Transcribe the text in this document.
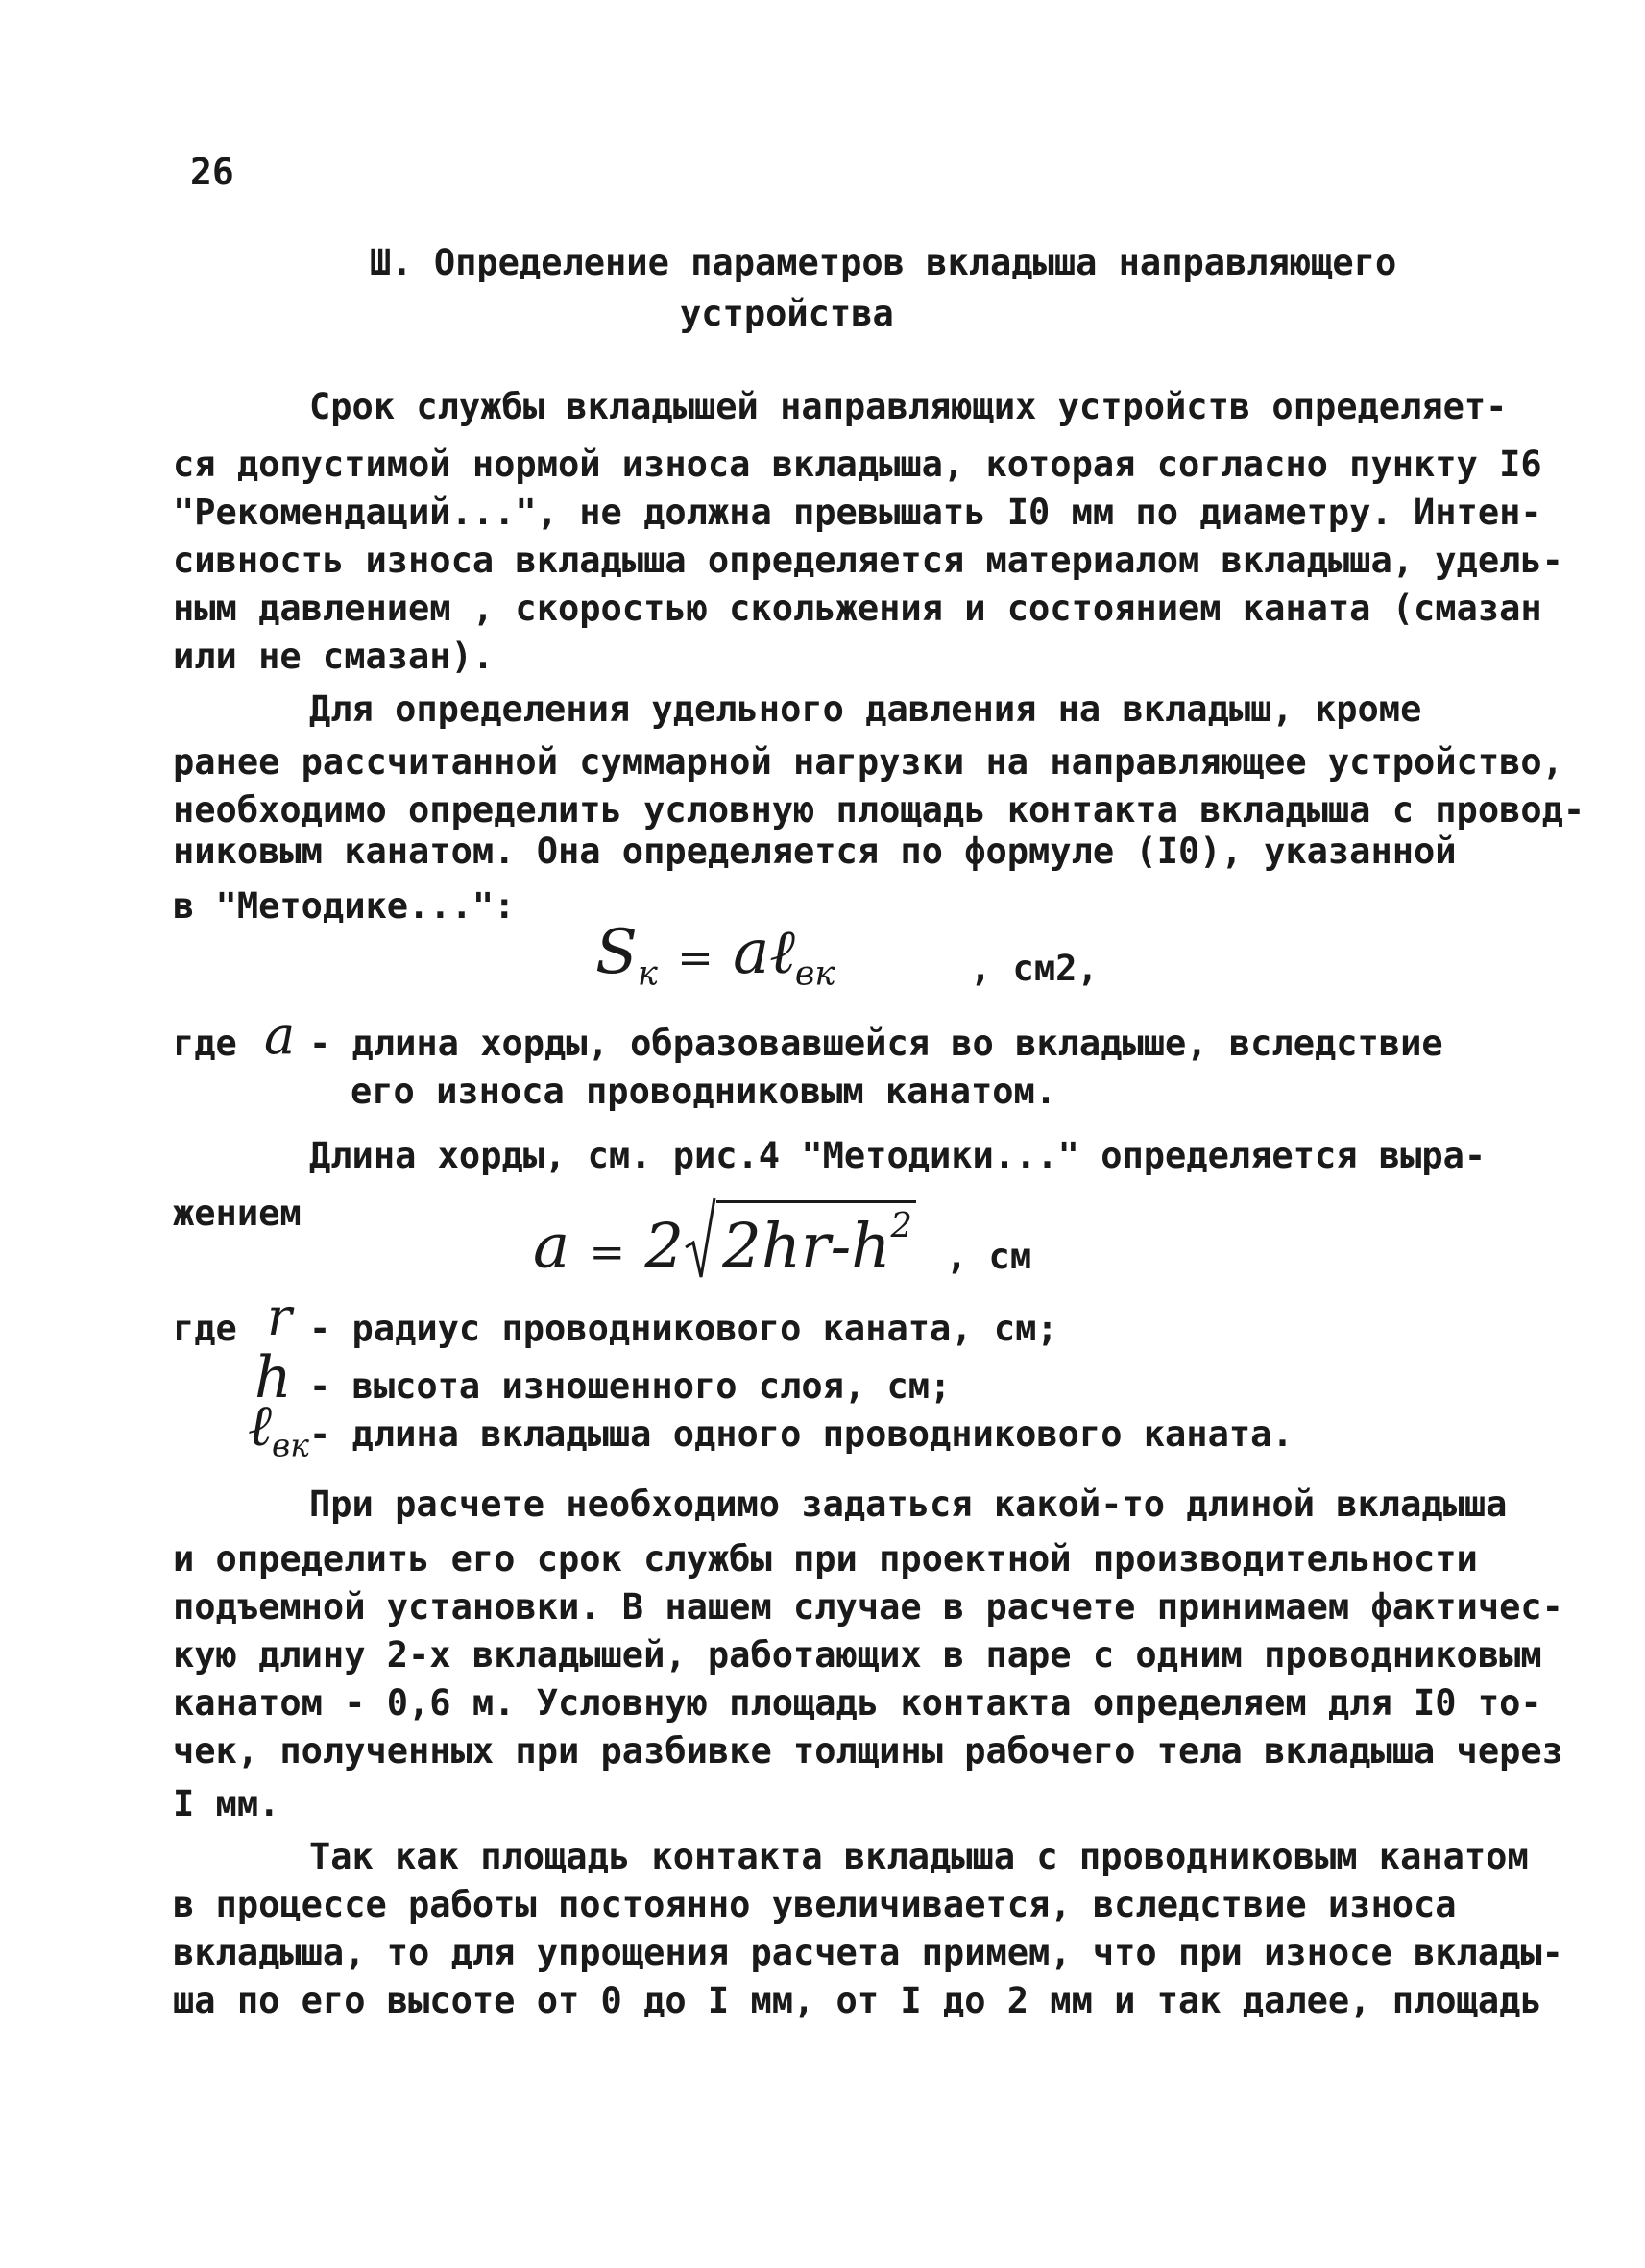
26
Ш. Определение параметров вкладыша направляющего
устройства
Срок службы вкладышей направляющих устройств определяет-
ся допустимой нормой износа вкладыша, которая согласно пункту I6
"Рекомендаций...", не должна превышать I0 мм по диаметру. Интен-
сивность износа вкладыша определяется материалом вкладыша, удель-
ным давлением , скоростью скольжения и состоянием каната (смазан
или не смазан).
Для определения удельного давления на вкладыш, кроме
ранее рассчитанной суммарной нагрузки на направляющее устройство,
необходимо определить условную площадь контакта вкладыша с провод-
никовым канатом. Она определяется по формуле (I0), указанной
в "Методике...":
$S_к$ = aℓ$_{вк}$	, см2,
где a - длина хорды, образовавшейся во вкладыше, вследствие
его износа проводниковым канатом.
Длина хорды, см. рис.4 "Методики..." определяется выра-
жением	a = 2 $2hr-h^2$
, см
где r - радиус проводникового каната, см;
h - высота изношенного слоя, см;
ℓ$_{вк}$ - длина вкладыша одного проводникового каната.
При расчете необходимо задаться какой-то длиной вкладыша
и определить его срок службы при проектной производительности
подъемной установки. В нашем случае в расчете принимаем фактичес-
кую длину 2-х вкладышей, работающих в паре с одним проводниковым
канатом - 0,6 м. Условную площадь контакта определяем для I0 то-
чек, полученных при разбивке толщины рабочего тела вкладыша через
I мм.
Так как площадь контакта вкладыша с проводниковым канатом
в процессе работы постоянно увеличивается, вследствие износа
вкладыша, то для упрощения расчета примем, что при износе вклады-
ша по его высоте от 0 до I мм, от I до 2 мм и так далее, площадь
